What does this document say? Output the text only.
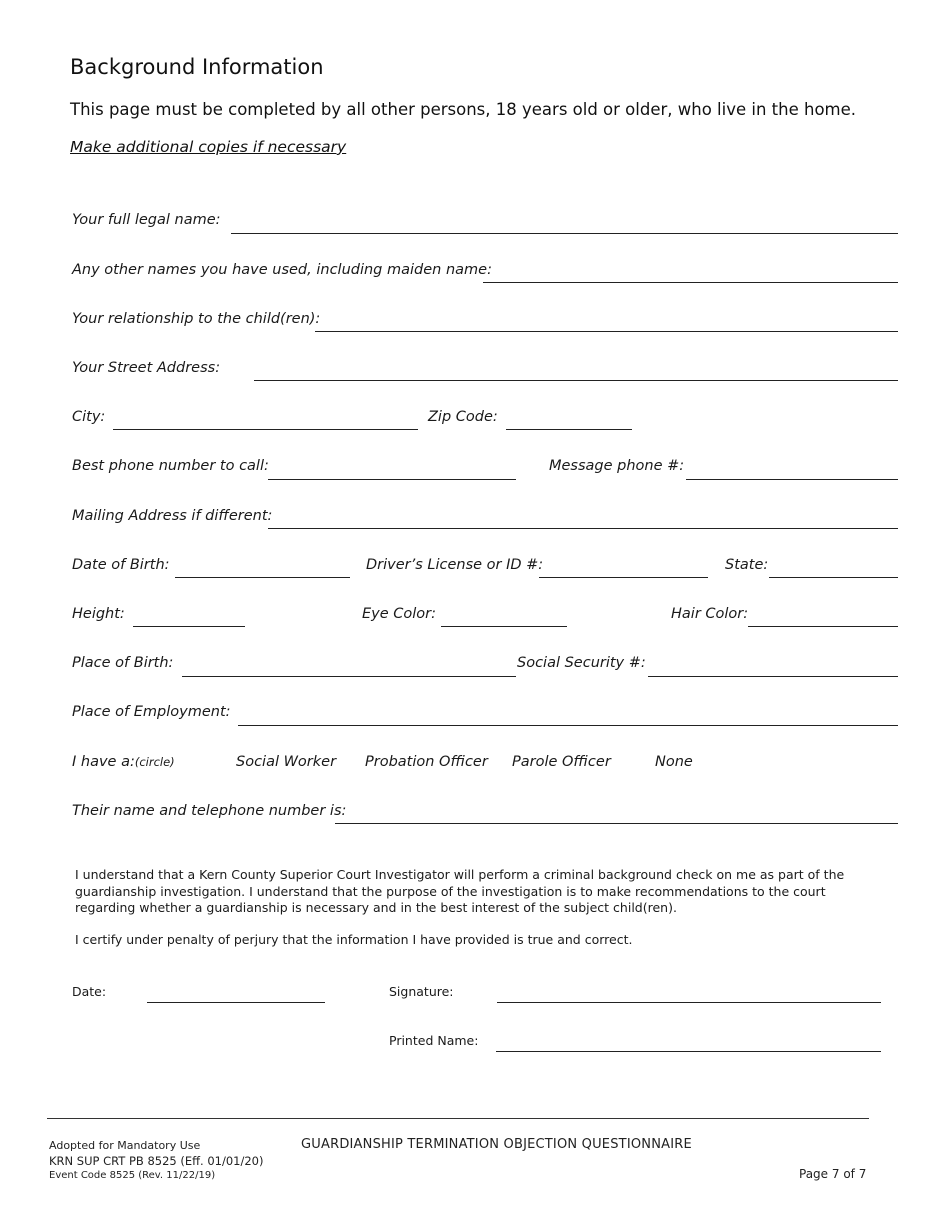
Background Information
This page must be completed by all other persons, 18 years old or older, who live in the home.
Make additional copies if necessary
Your full legal name:
Any other names you have used, including maiden name:
Your relationship to the child(ren):
Your Street Address:
City:	Zip Code:
Best phone number to call:	Message phone #:
Mailing Address if different:
Date of Birth:	Driver’s License or ID #:	State:
Height:	Eye Color:	Hair Color:
Place of Birth:	Social Security #:
Place of Employment:
I have a:(circle)	Social Worker Probation Officer Parole Officer	None
Their name and telephone number is:
I understand that a Kern County Superior Court Investigator will perform a criminal background check on me as part of the guardianship investigation. I understand that the purpose of the investigation is to make recommendations to the court regarding whether a guardianship is necessary and in the best interest of the subject child(ren).
I certify under penalty of perjury that the information I have provided is true and correct.
Date:	Signature:
Printed Name:
Adopted for Mandatory Use
KRN SUP CRT PB 8525 (Eff. 01/01/20)
Event Code 8525 (Rev. 11/22/19)
GUARDIANSHIP TERMINATION OBJECTION QUESTIONNAIRE
Page 7 of 7
